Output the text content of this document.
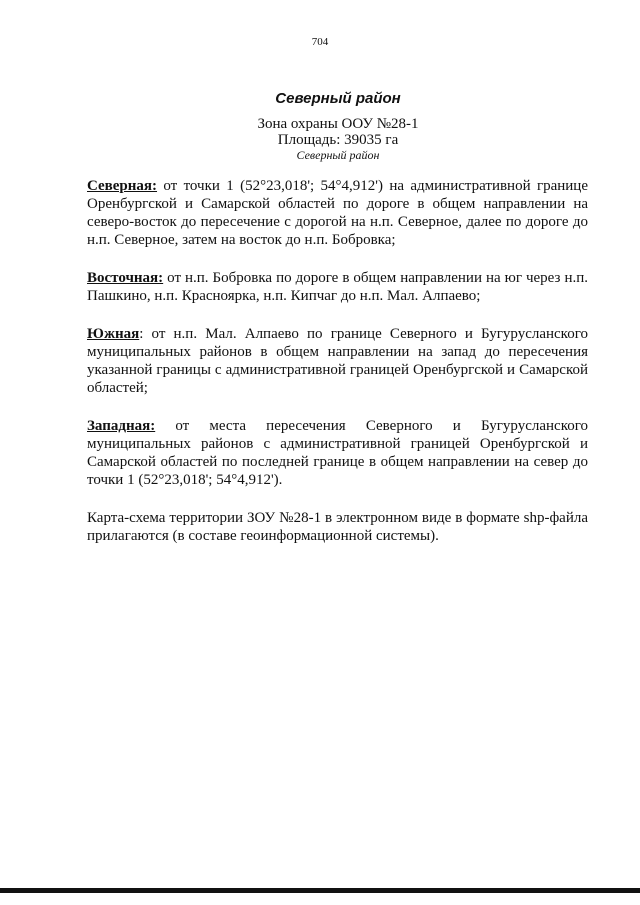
704
Северный район
Зона охраны ООУ №28-1
Площадь: 39035 га
Северный район

Северная: от точки 1 (52°23,018'; 54°4,912') на административной границе Оренбургской и Самарской областей по дороге в общем направлении на северо-восток до пересечение с дорогой на н.п. Северное, далее по дороге до н.п. Северное, затем на восток до н.п. Бобровка;

Восточная: от н.п. Бобровка по дороге в общем направлении на юг через н.п. Пашкино, н.п. Красноярка, н.п. Кипчаг до н.п. Мал. Алпаево;

Южная: от н.п. Мал. Алпаево по границе Северного и Бугурусланского муниципальных районов в общем направлении на запад до пересечения указанной границы с административной границей Оренбургской и Самарской областей;

Западная: от места пересечения Северного и Бугурусланского муниципальных районов с административной границей Оренбургской и Самарской областей по последней границе в общем направлении на север до точки 1 (52°23,018'; 54°4,912').

Карта-схема территории ЗОУ №28-1 в электронном виде в формате shp-файла прилагаются (в составе геоинформационной системы).
